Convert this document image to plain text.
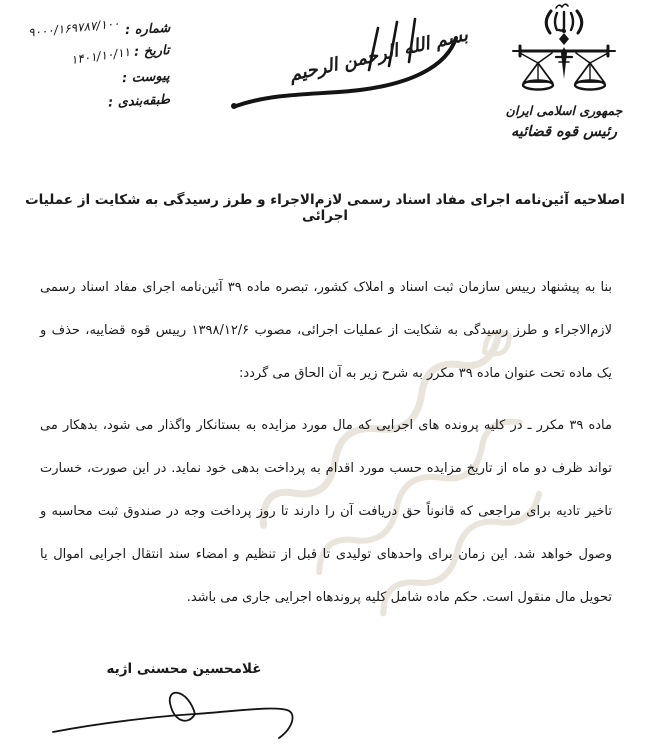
شماره :
۹۰۰۰/۱۶۹۷۸۷/۱۰۰
تاریخ :
۱۴۰۱/۱۰/۱۱
پیوست :
طبقه‌بندی :
بسم الله الرحمن الرحیم
جمهوری اسلامی ایران
رئیس قوه قضائیه
اصلاحیه آئین‌نامه اجرای مفاد اسناد رسمی لازم‌الاجراء و طرز رسیدگی به شکایت از عملیات اجرائی

بنا به پیشنهاد رییس سازمان ثبت اسناد و املاک کشور، تبصره ماده ۳۹ آئین‌نامه اجرای مفاد اسناد رسمی لازم‌الاجراء و طرز رسیدگی به شکایت از عملیات اجرائی، مصوب ۱۳۹۸/۱۲/۶ رییس قوه قضاییه، حذف و یک ماده تحت عنوان ماده ۳۹ مکرر به شرح زیر به آن الحاق می گردد:

ماده ۳۹ مکرر ـ در کلیه پرونده های اجرایی که مال مورد مزایده به بستانکار واگذار می شود، بدهکار می تواند ظرف دو ماه از تاریخ مزایده حسب مورد اقدام به پرداخت بدهی خود نماید. در این صورت، خسارت تاخیر تادیه برای مراجعی که قانوناً حق دریافت آن را دارند تا روز پرداخت وجه در صندوق ثبت محاسبه و وصول خواهد شد. این زمان برای واحدهای تولیدی تا قبل از تنظیم و امضاء سند انتقال اجرایی اموال یا تحویل مال منقول است. حکم ماده شامل کلیه پروندهاه اجرایی جاری می باشد.

غلامحسین محسنی اژیه
